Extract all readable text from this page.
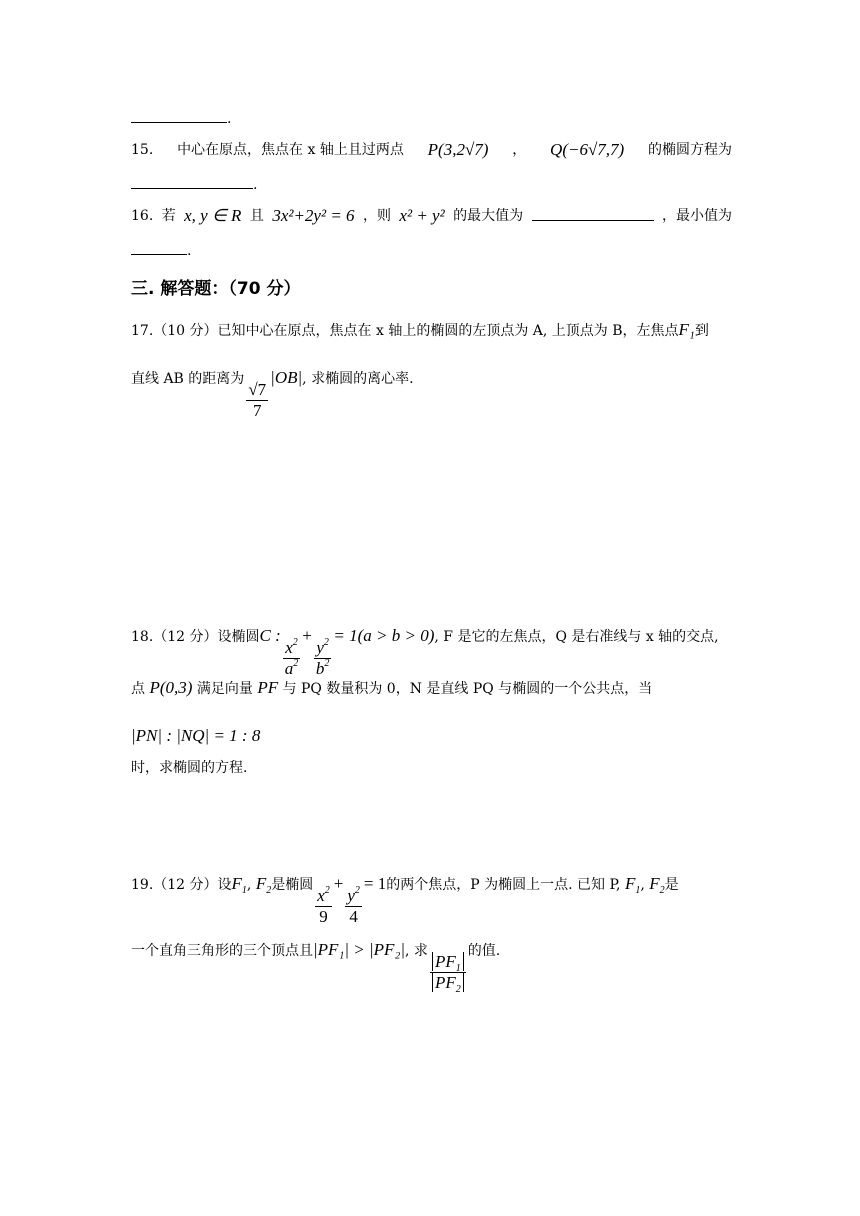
.
15. 中心在原点，焦点在 x 轴上且过两点 P(3,2√7) ， Q(−6√7,7) 的椭圆方程为
.
16. 若 x, y ∈ R 且 3x²+2y² = 6 ，则 x² + y² 的最大值为	，最小值为
.
三. 解答题：（70 分）
17.（10 分）已知中心在原点，焦点在 x 轴上的椭圆的左顶点为 A, 上顶点为 B，左焦点F₁到
直线 AB 的距离为
$\frac{√7}{7}$
|OB|, 求椭圆的离心率.
18.（12 分）设椭圆C :
$\frac{x^2}{a^2}$
+
$\frac{y^2}{b^2}$
= 1(a > b > 0), F 是它的左焦点，Q 是右准线与 x 轴的交点,
点 P(0,3) 满足向量 PF 与 PQ 数量积为 0，N 是直线 PQ 与椭圆的一个公共点，当
|PN| : |NQ| = 1 : 8
时，求椭圆的方程.
19.（12 分）设$F_1$, $F_2$是椭圆
$\frac{x^2}{9}$
+
$\frac{y^2}{4}$
= 1的两个焦点，P 为椭圆上一点. 已知 P, $F_1$, $F_2$是
一个直角三角形的三个顶点且|PF₁| > |PF₂|, 求
$\frac{PF_1}{PF_2}$
的值.
